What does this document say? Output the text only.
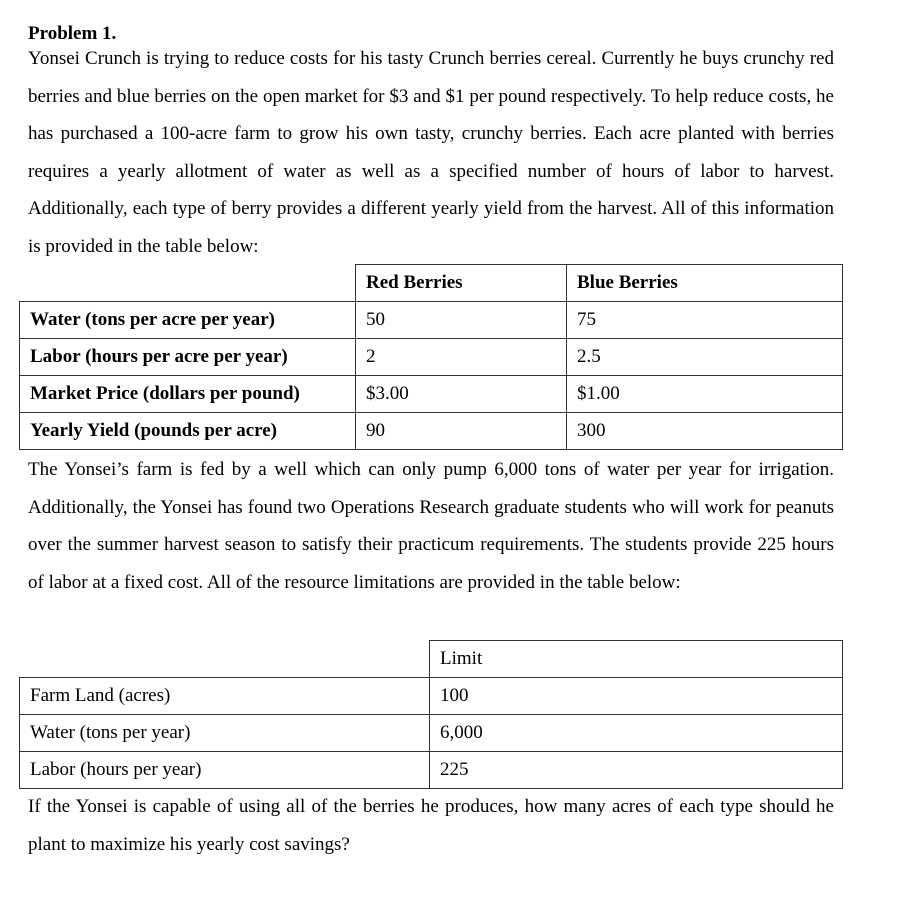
Problem 1.

Yonsei Crunch is trying to reduce costs for his tasty Crunch berries cereal. Currently he buys crunchy red berries and blue berries on the open market for $3 and $1 per pound respectively. To help reduce costs, he has purchased a 100-acre farm to grow his own tasty, crunchy berries. Each acre planted with berries requires a yearly allotment of water as well as a specified number of hours of labor to harvest. Additionally, each type of berry provides a different yearly yield from the harvest. All of this information is provided in the table below:

	Red Berries	Blue Berries
Water (tons per acre per year)	50	75
Labor (hours per acre per year)	2	2.5
Market Price (dollars per pound)	$3.00	$1.00
Yearly Yield (pounds per acre)	90	300

The Yonsei’s farm is fed by a well which can only pump 6,000 tons of water per year for irrigation. Additionally, the Yonsei has found two Operations Research graduate students who will work for peanuts over the summer harvest season to satisfy their practicum requirements. The students provide 225 hours of labor at a fixed cost. All of the resource limitations are provided in the table below:

	Limit
Farm Land (acres)	100
Water (tons per year)	6,000
Labor (hours per year)	225

If the Yonsei is capable of using all of the berries he produces, how many acres of each type should he plant to maximize his yearly cost savings?
